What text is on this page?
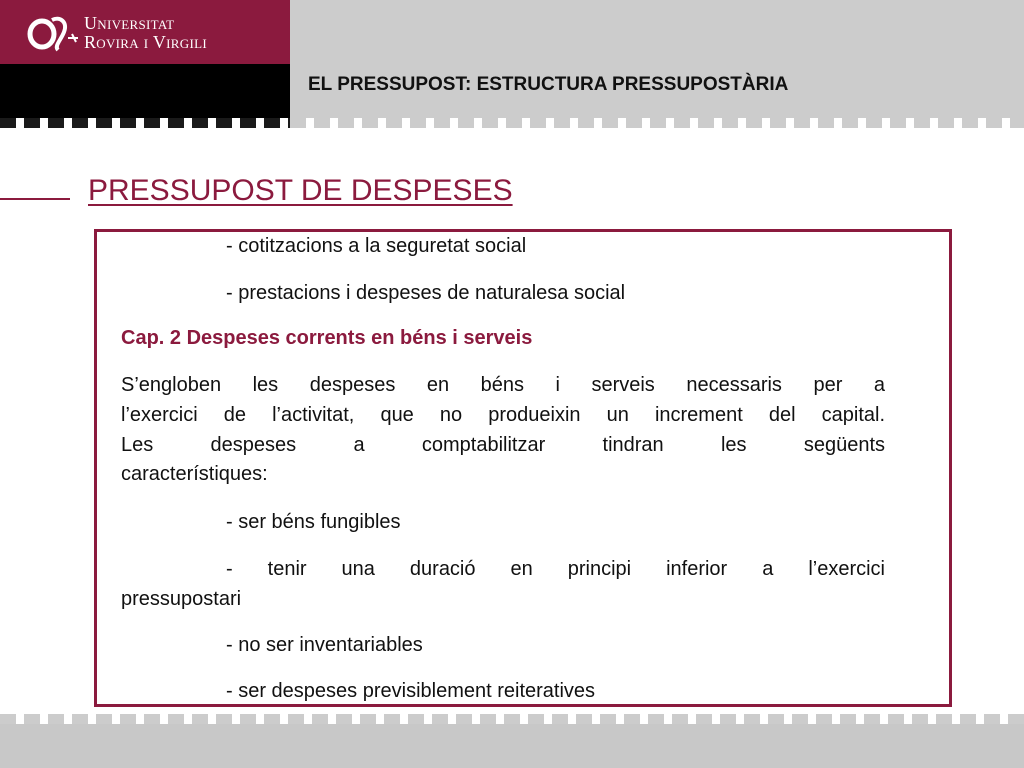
Universitat
Rovira i Virgili
EL PRESSUPOST: ESTRUCTURA PRESSUPOSTÀRIA
PRESSUPOST DE DESPESES
- cotitzacions a la seguretat social
- prestacions i despeses de naturalesa social
Cap. 2 Despeses corrents en béns i serveis
S’engloben les despeses en béns i serveis necessaris per a
l’exercici de l’activitat, que no produeixin un increment del capital.
Les despeses a comptabilitzar tindran les següents
característiques:
- ser béns fungibles
- tenir una duració en principi inferior a l’exercici
pressupostari
- no ser inventariables
- ser despeses previsiblement reiteratives
